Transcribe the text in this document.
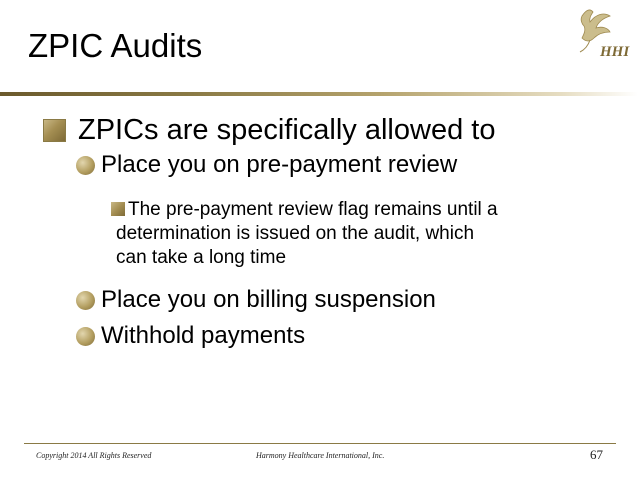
ZPIC Audits	HHI
ZPICs are specifically allowed to
Place you on pre-payment review
The pre-payment review flag remains until a
determination is issued on the audit, which
can take a long time
Place you on billing suspension
Withhold payments
Copyright 2014 All Rights Reserved	Harmony Healthcare International, Inc.	67
